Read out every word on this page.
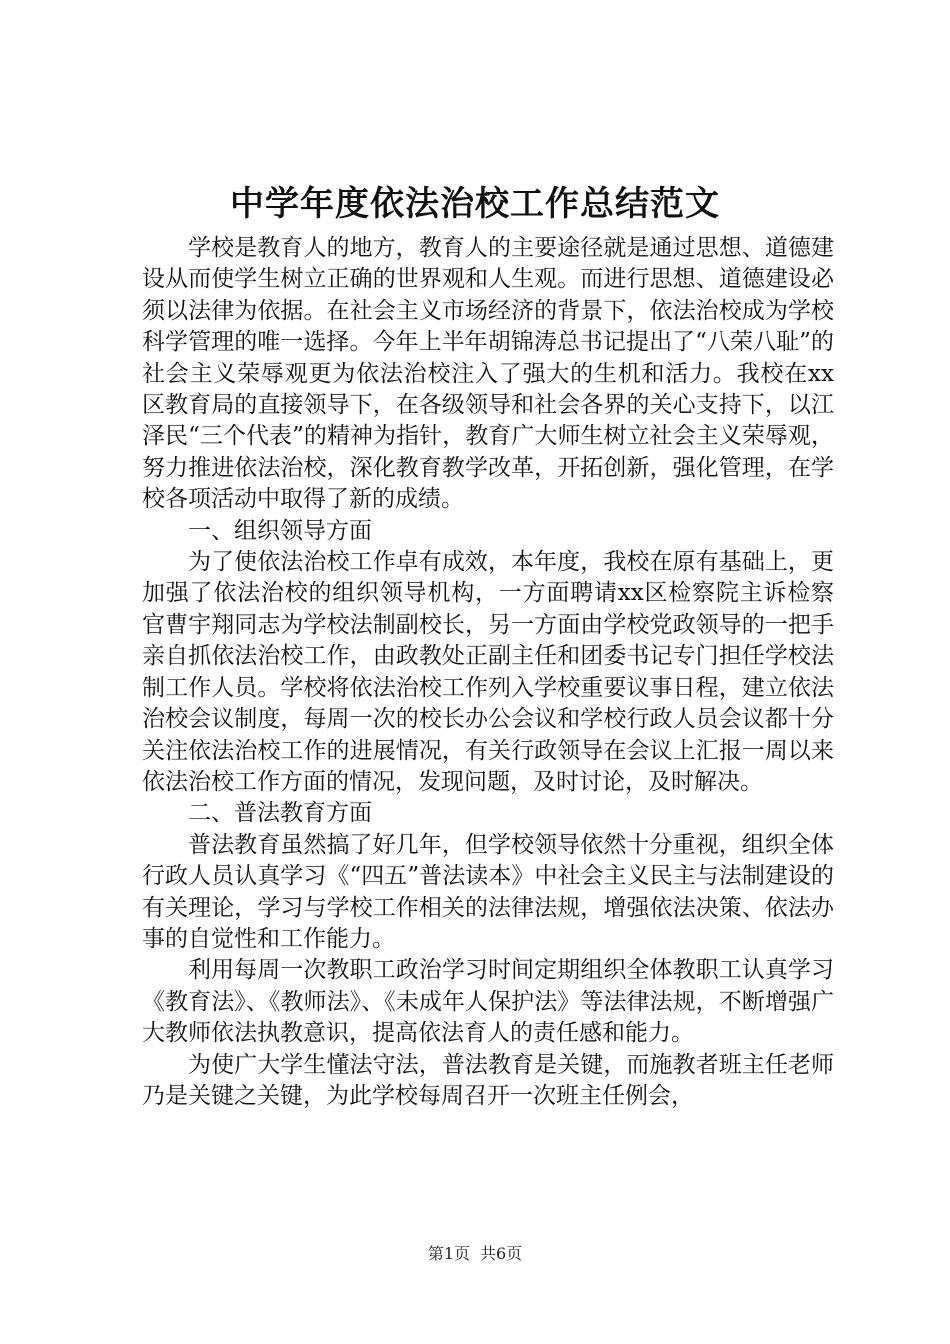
中学年度依法治校工作总结范文

学校是教育人的地方，教育人的主要途径就是通过思想、道德建设从而使学生树立正确的世界观和人生观。而进行思想、道德建设必须以法律为依据。在社会主义市场经济的背景下，依法治校成为学校科学管理的唯一选择。今年上半年胡锦涛总书记提出了“八荣八耻”的社会主义荣辱观更为依法治校注入了强大的生机和活力。我校在xx区教育局的直接领导下，在各级领导和社会各界的关心支持下，以江泽民“三个代表”的精神为指针，教育广大师生树立社会主义荣辱观，努力推进依法治校，深化教育教学改革，开拓创新，强化管理，在学校各项活动中取得了新的成绩。

一、组织领导方面

为了使依法治校工作卓有成效，本年度，我校在原有基础上，更加强了依法治校的组织领导机构，一方面聘请xx区检察院主诉检察官曹宇翔同志为学校法制副校长，另一方面由学校党政领导的一把手亲自抓依法治校工作，由政教处正副主任和团委书记专门担任学校法制工作人员。学校将依法治校工作列入学校重要议事日程，建立依法治校会议制度，每周一次的校长办公会议和学校行政人员会议都十分关注依法治校工作的进展情况，有关行政领导在会议上汇报一周以来依法治校工作方面的情况，发现问题，及时讨论，及时解决。

二、普法教育方面

普法教育虽然搞了好几年，但学校领导依然十分重视，组织全体行政人员认真学习《“四五”普法读本》中社会主义民主与法制建设的有关理论，学习与学校工作相关的法律法规，增强依法决策、依法办事的自觉性和工作能力。

利用每周一次教职工政治学习时间定期组织全体教职工认真学习《教育法》、《教师法》、《未成年人保护法》等法律法规，不断增强广大教师依法执教意识，提高依法育人的责任感和能力。

为使广大学生懂法守法，普法教育是关键，而施教者班主任老师乃是关键之关键，为此学校每周召开一次班主任例会，

第1页 共6页
